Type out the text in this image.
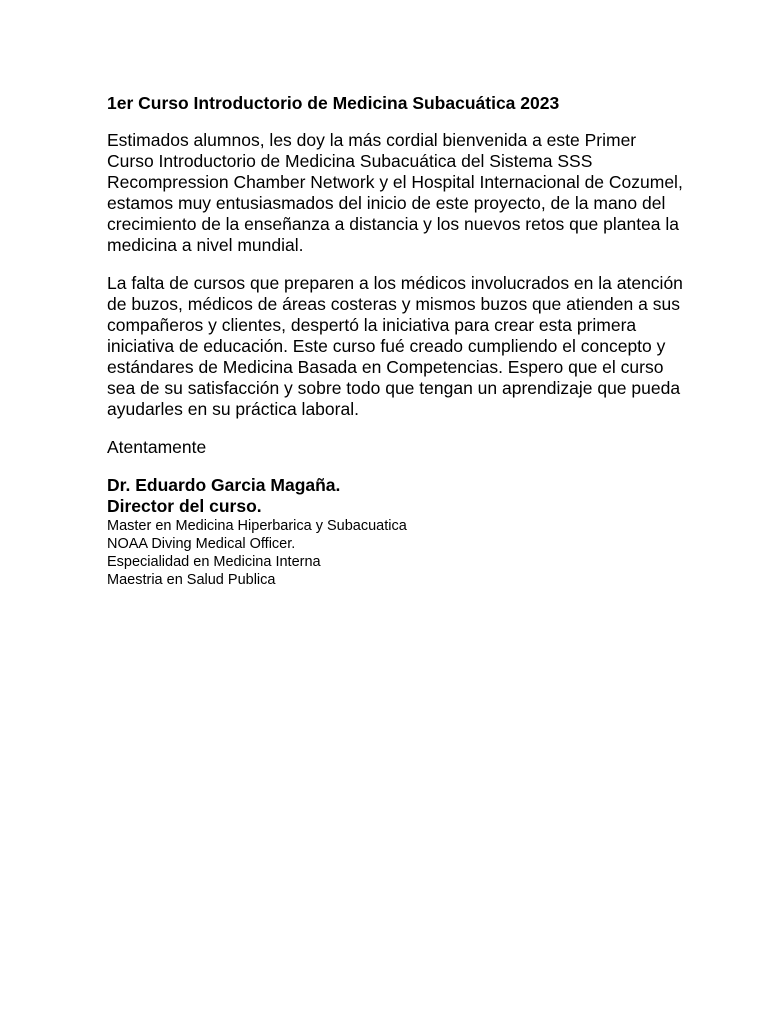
1er Curso Introductorio de Medicina Subacuática 2023

Estimados alumnos, les doy la más cordial bienvenida a este Primer Curso Introductorio de Medicina Subacuática del Sistema SSS Recompression Chamber Network y el Hospital Internacional de Cozumel, estamos muy entusiasmados del inicio de este proyecto, de la mano del crecimiento de la enseñanza a distancia y los nuevos retos que plantea la medicina a nivel mundial.

La falta de cursos que preparen a los médicos involucrados en la atención de buzos, médicos de áreas costeras y mismos buzos que atienden a sus compañeros y clientes, despertó la iniciativa para crear esta primera iniciativa de educación. Este curso fué creado cumpliendo el concepto y estándares de Medicina Basada en Competencias. Espero que el curso sea de su satisfacción y sobre todo que tengan un aprendizaje que pueda ayudarles en su práctica laboral.

Atentamente

Dr. Eduardo Garcia Magaña.

Director del curso.

Master en Medicina Hiperbarica y Subacuatica
NOAA Diving Medical Officer.
Especialidad en Medicina Interna
Maestria en Salud Publica
